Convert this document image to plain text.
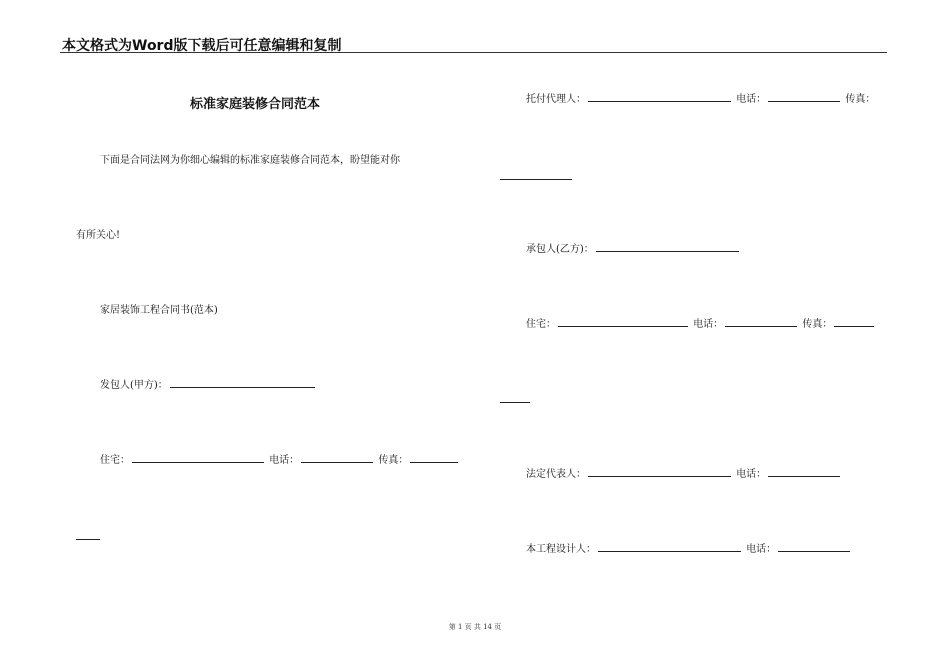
本文格式为Word版下载后可任意编辑和复制
标准家庭装修合同范本
下面是合同法网为你细心编辑的标准家庭装修合同范本，盼望能对你
有所关心!
家居装饰工程合同书(范本)
发包人(甲方)：
住宅：	电话：	传真：
托付代理人：	电话：	传真：
承包人(乙方)：
住宅：	电话：	传真：
法定代表人：	电话：
本工程设计人：	电话：
第 1 页 共 14 页
